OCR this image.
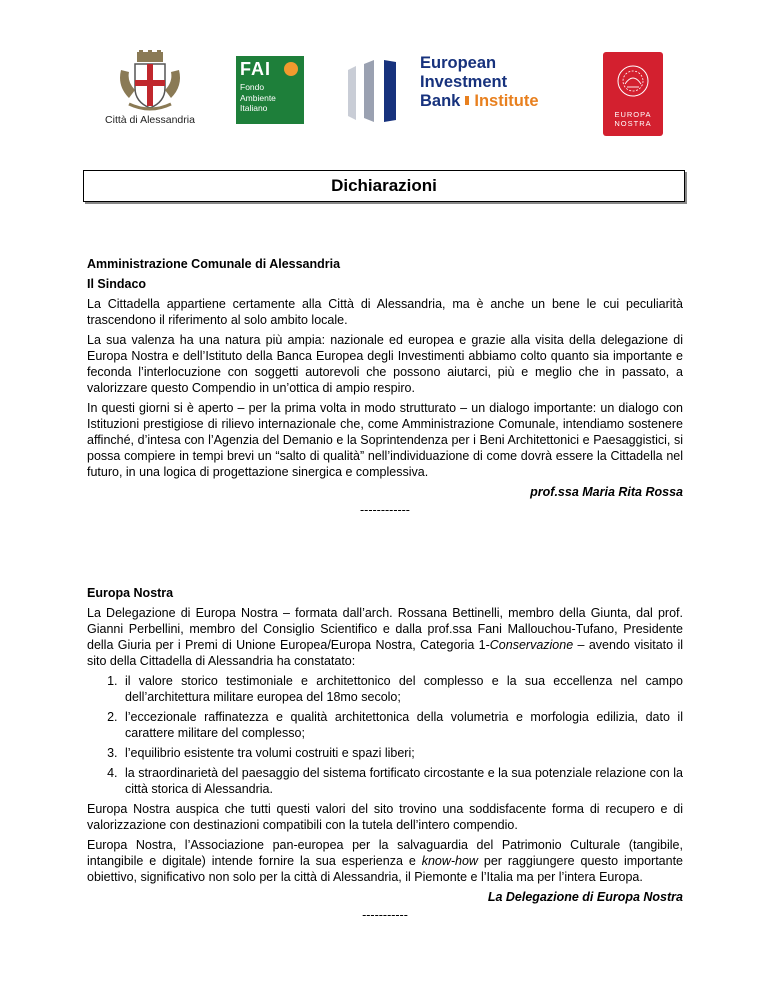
Città di Alessandria
FAI
Fondo
Ambiente
Italiano
European
Investment
Bank Institute
EUROPA
NOSTRA
Dichiarazioni
Amministrazione Comunale di Alessandria
Il Sindaco

La Cittadella appartiene certamente alla Città di Alessandria, ma è anche un bene le cui peculiarità trascendono il riferimento al solo ambito locale.

La sua valenza ha una natura più ampia: nazionale ed europea e grazie alla visita della delegazione di Europa Nostra e dell’Istituto della Banca Europea degli Investimenti abbiamo colto quanto sia importante e feconda l’interlocuzione con soggetti autorevoli che possono aiutarci, più e meglio che in passato, a valorizzare questo Compendio in un’ottica di ampio respiro.

In questi giorni si è aperto – per la prima volta in modo strutturato – un dialogo importante: un dialogo con Istituzioni prestigiose di rilievo internazionale che, come Amministrazione Comunale, intendiamo sostenere affinché, d’intesa con l’Agenzia del Demanio e la Soprintendenza per i Beni Architettonici e Paesaggistici, si possa compiere in tempi brevi un “salto di qualità” nell’individuazione di come dovrà essere la Cittadella nel futuro, in una logica di progettazione sinergica e complessiva.

prof.ssa Maria Rita Rossa
------------
Europa Nostra

La Delegazione di Europa Nostra – formata dall’arch. Rossana Bettinelli, membro della Giunta, dal prof. Gianni Perbellini, membro del Consiglio Scientifico e dalla prof.ssa Fani Mallouchou-Tufano, Presidente della Giuria per i Premi di Unione Europea/Europa Nostra, Categoria 1-Conservazione – avendo visitato il sito della Cittadella di Alessandria ha constatato:

1. il valore storico testimoniale e architettonico del complesso e la sua eccellenza nel campo dell’architettura militare europea del 18mo secolo;
2. l’eccezionale raffinatezza e qualità architettonica della volumetria e morfologia edilizia, dato il carattere militare del complesso;
3. l’equilibrio esistente tra volumi costruiti e spazi liberi;
4. la straordinarietà del paesaggio del sistema fortificato circostante e la sua potenziale relazione con la città storica di Alessandria.

Europa Nostra auspica che tutti questi valori del sito trovino una soddisfacente forma di recupero e di valorizzazione con destinazioni compatibili con la tutela dell’intero compendio.

Europa Nostra, l’Associazione pan-europea per la salvaguardia del Patrimonio Culturale (tangibile, intangibile e digitale) intende fornire la sua esperienza e know-how per raggiungere questo importante obiettivo, significativo non solo per la città di Alessandria, il Piemonte e l’Italia ma per l’intera Europa.

La Delegazione di Europa Nostra
-----------
